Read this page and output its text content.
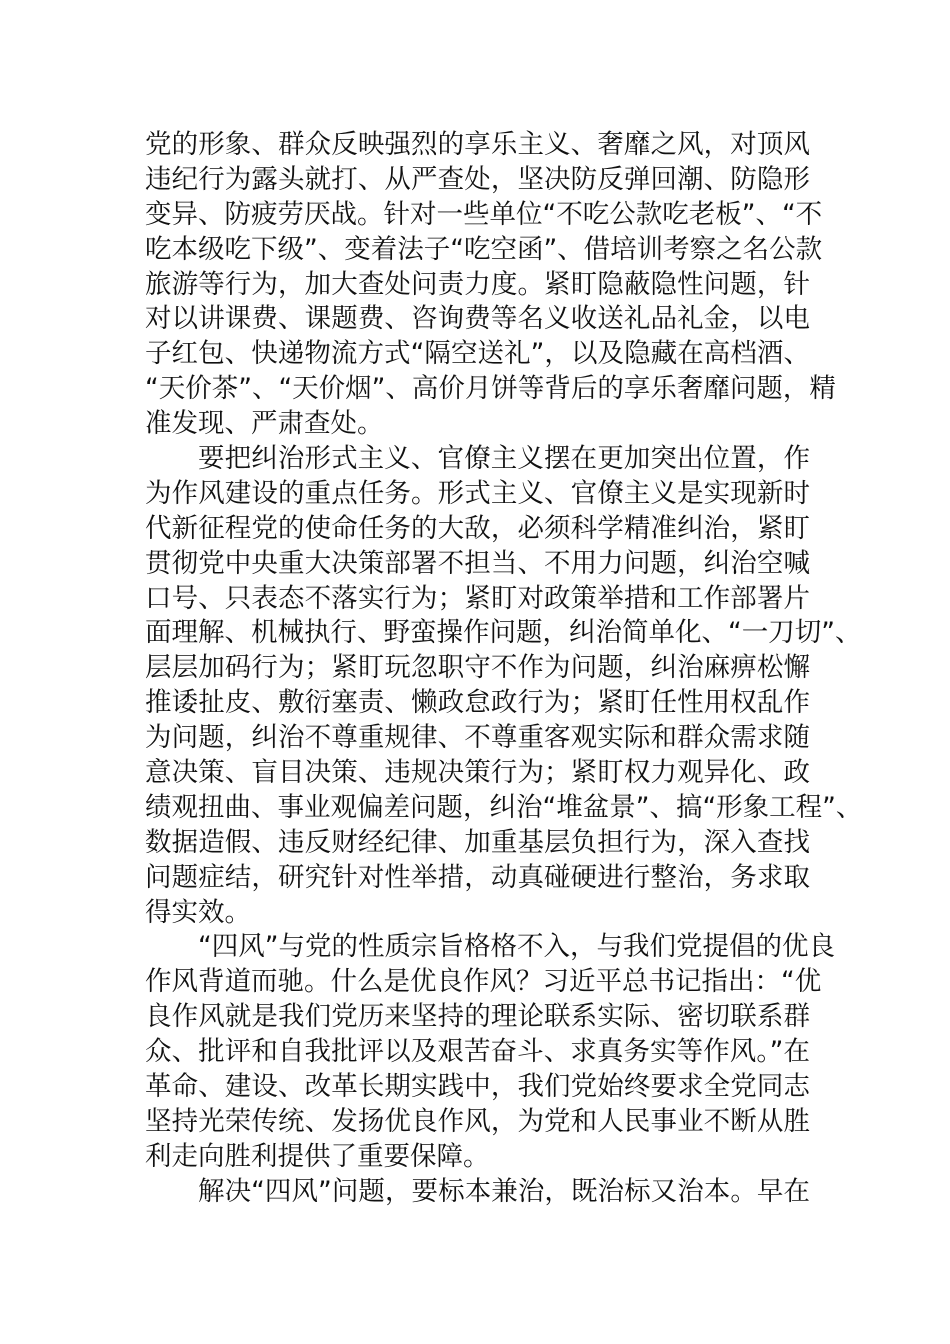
党的形象、群众反映强烈的享乐主义、奢靡之风，对顶风
违纪行为露头就打、从严查处，坚决防反弹回潮、防隐形
变异、防疲劳厌战。针对一些单位“不吃公款吃老板”、“不
吃本级吃下级”、变着法子“吃空函”、借培训考察之名公款
旅游等行为，加大查处问责力度。紧盯隐蔽隐性问题，针
对以讲课费、课题费、咨询费等名义收送礼品礼金，以电
子红包、快递物流方式“隔空送礼”，以及隐藏在高档酒、
“天价茶”、“天价烟”、高价月饼等背后的享乐奢靡问题，精
准发现、严肃查处。
要把纠治形式主义、官僚主义摆在更加突出位置，作
为作风建设的重点任务。形式主义、官僚主义是实现新时
代新征程党的使命任务的大敌，必须科学精准纠治，紧盯
贯彻党中央重大决策部署不担当、不用力问题，纠治空喊
口号、只表态不落实行为；紧盯对政策举措和工作部署片
面理解、机械执行、野蛮操作问题，纠治简单化、“一刀切”、
层层加码行为；紧盯玩忽职守不作为问题，纠治麻痹松懈
推诿扯皮、敷衍塞责、懒政怠政行为；紧盯任性用权乱作
为问题，纠治不尊重规律、不尊重客观实际和群众需求随
意决策、盲目决策、违规决策行为；紧盯权力观异化、政
绩观扭曲、事业观偏差问题，纠治“堆盆景”、搞“形象工程”、
数据造假、违反财经纪律、加重基层负担行为，深入查找
问题症结，研究针对性举措，动真碰硬进行整治，务求取
得实效。
“四风”与党的性质宗旨格格不入，与我们党提倡的优良
作风背道而驰。什么是优良作风？习近平总书记指出：“优
良作风就是我们党历来坚持的理论联系实际、密切联系群
众、批评和自我批评以及艰苦奋斗、求真务实等作风。”在
革命、建设、改革长期实践中，我们党始终要求全党同志
坚持光荣传统、发扬优良作风，为党和人民事业不断从胜
利走向胜利提供了重要保障。
解决“四风”问题，要标本兼治，既治标又治本。早在
